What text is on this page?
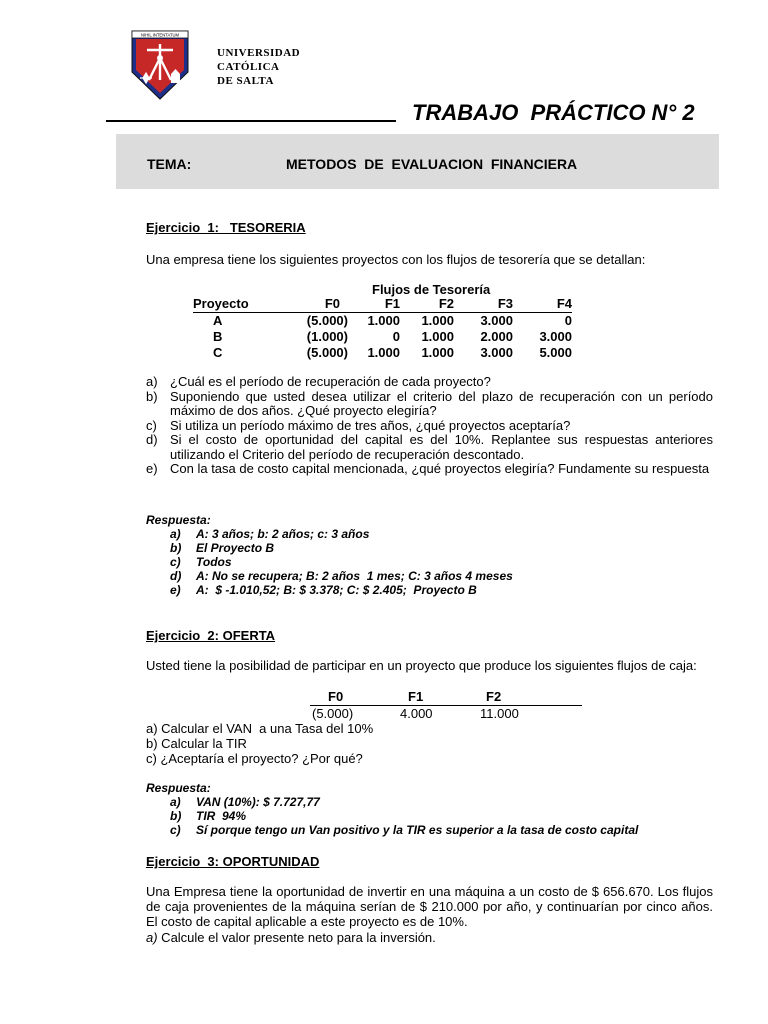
NIHIL INTENTATUM
UNIVERSIDAD
CATÓLICA
DE SALTA
TRABAJO  PRÁCTICO N° 2
TEMA:	METODOS  DE  EVALUACION  FINANCIERA
Ejercicio  1:   TESORERIA
Una empresa tiene los siguientes proyectos con los flujos de tesorería que se detallan:
Flujos de Tesorería
Proyecto	F0	F1	F2	F3	F4
A	(5.000)	1.000	1.000	3.000	0
B	(1.000)	0	1.000	2.000	3.000
C	(5.000)	1.000	1.000	3.000	5.000
a) ¿Cuál es el período de recuperación de cada proyecto?
b) Suponiendo que usted desea utilizar el criterio del plazo de recuperación con un período máximo de dos años. ¿Qué proyecto elegiría?
c) Si utiliza un período máximo de tres años, ¿qué proyectos aceptaría?
d) Si el costo de oportunidad del capital es del 10%. Replantee sus respuestas anteriores   utilizando el Criterio del período de recuperación descontado.
e) Con la tasa de costo capital mencionada, ¿qué proyectos elegiría? Fundamente su respuesta
Respuesta:
a) A: 3 años; b: 2 años; c: 3 años
b) El Proyecto B
c) Todos
d) A: No se recupera; B: 2 años  1 mes; C: 3 años 4 meses
e) A:  $ -1.010,52; B: $ 3.378; C: $ 2.405;  Proyecto B
Ejercicio  2: OFERTA
Usted tiene la posibilidad de participar en un proyecto que produce los siguientes flujos de caja:
F0	F1	F2
(5.000)	4.000	11.000
a) Calcular el VAN  a una Tasa del 10%
b) Calcular la TIR
c) ¿Aceptaría el proyecto? ¿Por qué?
Respuesta:
a) VAN (10%): $ 7.727,77
b) TIR  94%
c) Sí porque tengo un Van positivo y la TIR es superior a la tasa de costo capital
Ejercicio  3: OPORTUNIDAD
Una Empresa tiene la oportunidad de invertir en una máquina a un costo de $ 656.670. Los flujos de caja provenientes de la máquina serían de $ 210.000 por año, y continuarían por cinco años. El costo de capital aplicable a este proyecto es de 10%.
a) Calcule el valor presente neto para la inversión.
